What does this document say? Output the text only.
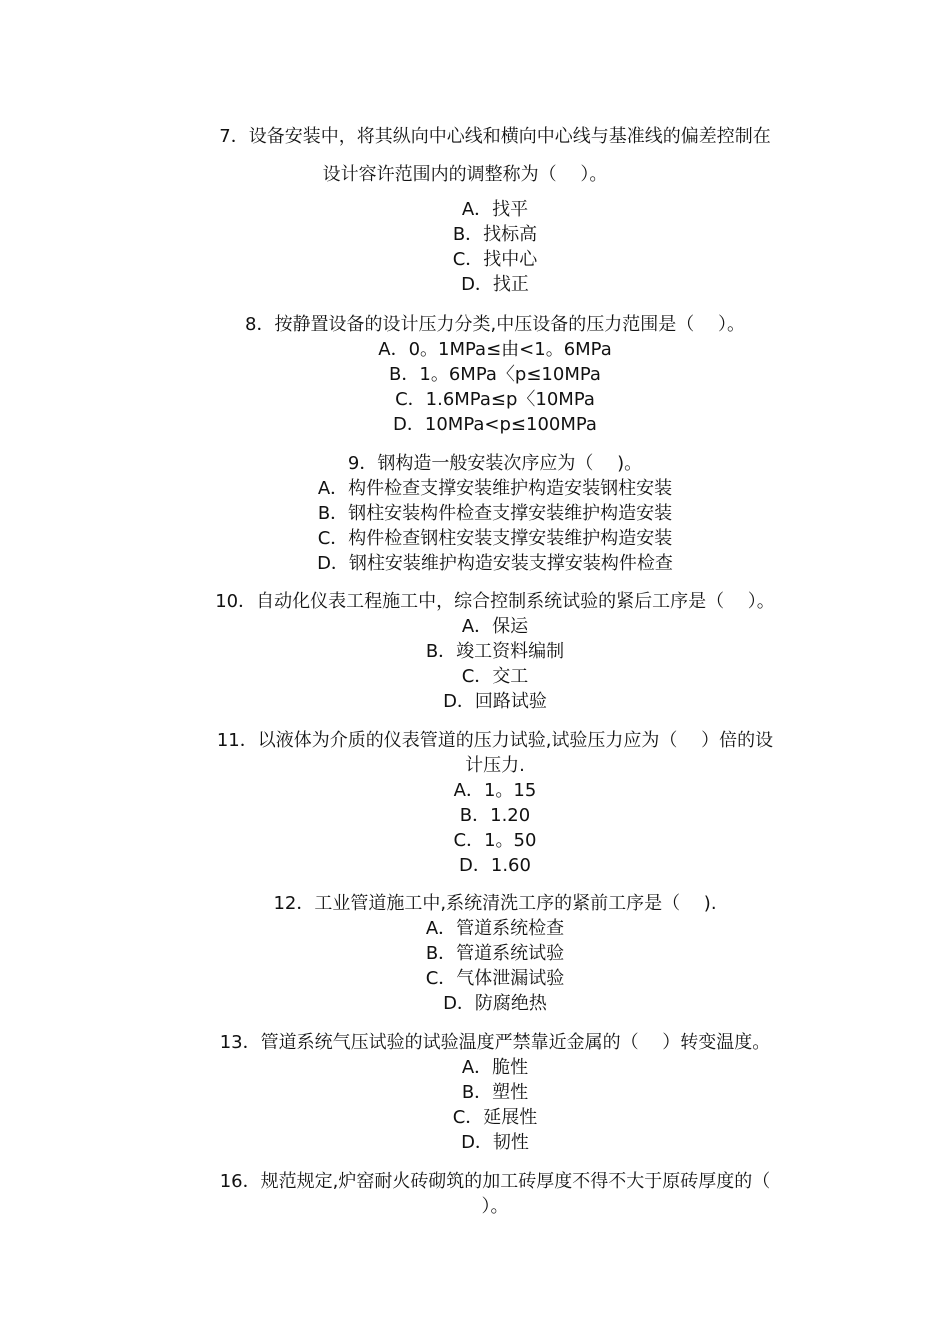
7．设备安装中，将其纵向中心线和横向中心线与基准线的偏差控制在
设计容许范围内的调整称为（　 ）。
A．找平
B．找标高
C．找中心
D．找正
8．按静置设备的设计压力分类,中压设备的压力范围是（　 ）。
A．0。1MPa≤由<1。6MPa
B．1。6MPa〈p≤10MPa
C．1.6MPa≤p〈10MPa
D．10MPa<p≤100MPa
9．钢构造一般安装次序应为（　 )。
A．构件检查支撑安装维护构造安装钢柱安装
B．钢柱安装构件检查支撑安装维护构造安装
C．构件检查钢柱安装支撑安装维护构造安装
D．钢柱安装维护构造安装支撑安装构件检查
10．自动化仪表工程施工中，综合控制系统试验的紧后工序是（　 ）。
A．保运
B．竣工资料编制
C．交工
D．回路试验
11．以液体为介质的仪表管道的压力试验,试验压力应为（　 ）倍的设
计压力.
A．1。15
B．1.20
C．1。50
D．1.60
12．工业管道施工中,系统清洗工序的紧前工序是（　 ).
A．管道系统检查
B．管道系统试验
C．气体泄漏试验
D．防腐绝热
13．管道系统气压试验的试验温度严禁靠近金属的（　 ）转变温度。
A．脆性
B．塑性
C．延展性
D．韧性
16．规范规定,炉窑耐火砖砌筑的加工砖厚度不得不大于原砖厚度的（
）。
